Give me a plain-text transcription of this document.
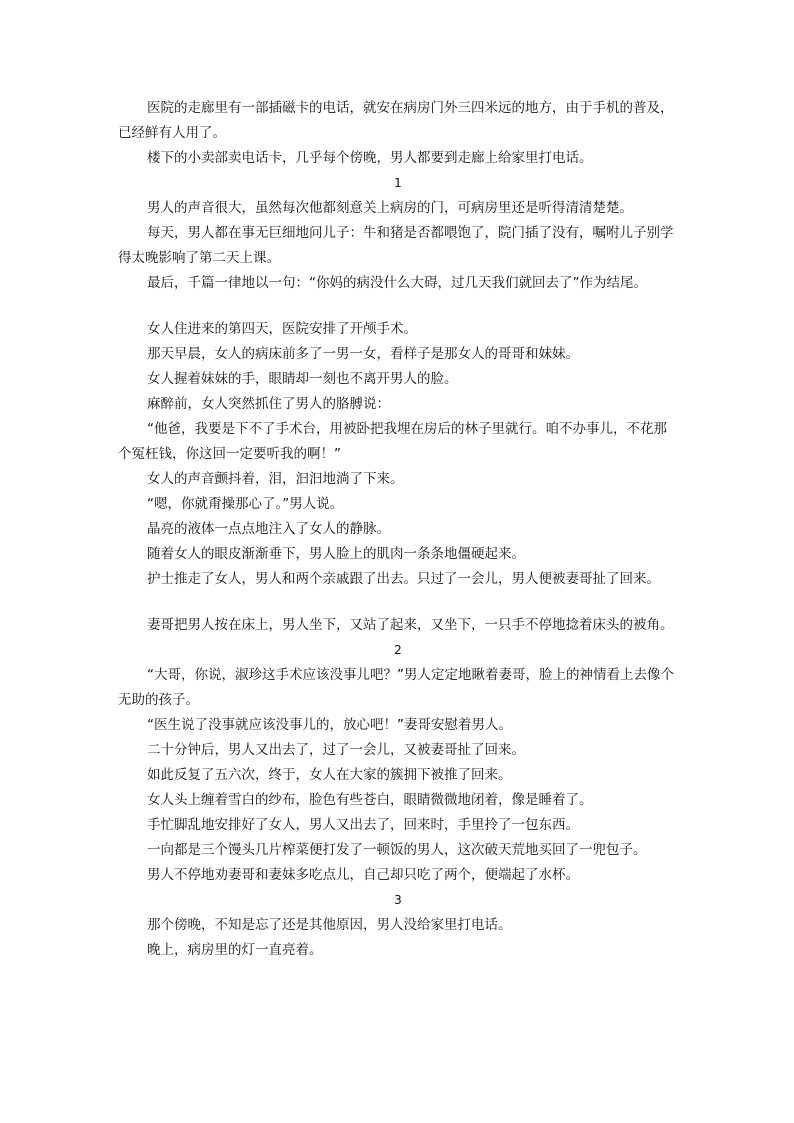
医院的走廊里有一部插磁卡的电话，就安在病房门外三四米远的地方，由于手机的普及，已经鲜有人用了。

楼下的小卖部卖电话卡，几乎每个傍晚，男人都要到走廊上给家里打电话。

1

男人的声音很大，虽然每次他都刻意关上病房的门，可病房里还是听得清清楚楚。

每天，男人都在事无巨细地问儿子：牛和猪是否都喂饱了，院门插了没有，嘱咐儿子别学得太晚影响了第二天上课。

最后，千篇一律地以一句：“你妈的病没什么大碍，过几天我们就回去了”作为结尾。

女人住进来的第四天，医院安排了开颅手术。

那天早晨，女人的病床前多了一男一女，看样子是那女人的哥哥和妹妹。

女人握着妹妹的手，眼睛却一刻也不离开男人的脸。

麻醉前，女人突然抓住了男人的胳膊说：

“他爸，我要是下不了手术台，用被卧把我埋在房后的林子里就行。咱不办事儿，不花那个冤枉钱，你这回一定要听我的啊！”

女人的声音颤抖着，泪，汩汩地淌了下来。

“嗯，你就甭操那心了。”男人说。

晶亮的液体一点点地注入了女人的静脉。

随着女人的眼皮渐渐垂下，男人脸上的肌肉一条条地僵硬起来。

护士推走了女人，男人和两个亲戚跟了出去。只过了一会儿，男人便被妻哥扯了回来。

妻哥把男人按在床上，男人坐下，又站了起来，又坐下，一只手不停地捻着床头的被角。

2

“大哥，你说，淑珍这手术应该没事儿吧？”男人定定地瞅着妻哥，脸上的神情看上去像个无助的孩子。

“医生说了没事就应该没事儿的，放心吧！”妻哥安慰着男人。

二十分钟后，男人又出去了，过了一会儿，又被妻哥扯了回来。

如此反复了五六次，终于，女人在大家的簇拥下被推了回来。

女人头上缠着雪白的纱布，脸色有些苍白，眼睛微微地闭着，像是睡着了。

手忙脚乱地安排好了女人，男人又出去了，回来时，手里拎了一包东西。

一向都是三个馒头几片榨菜便打发了一顿饭的男人，这次破天荒地买回了一兜包子。

男人不停地劝妻哥和妻妹多吃点儿，自己却只吃了两个，便端起了水杯。

3

那个傍晚，不知是忘了还是其他原因，男人没给家里打电话。

晚上，病房里的灯一直亮着。
